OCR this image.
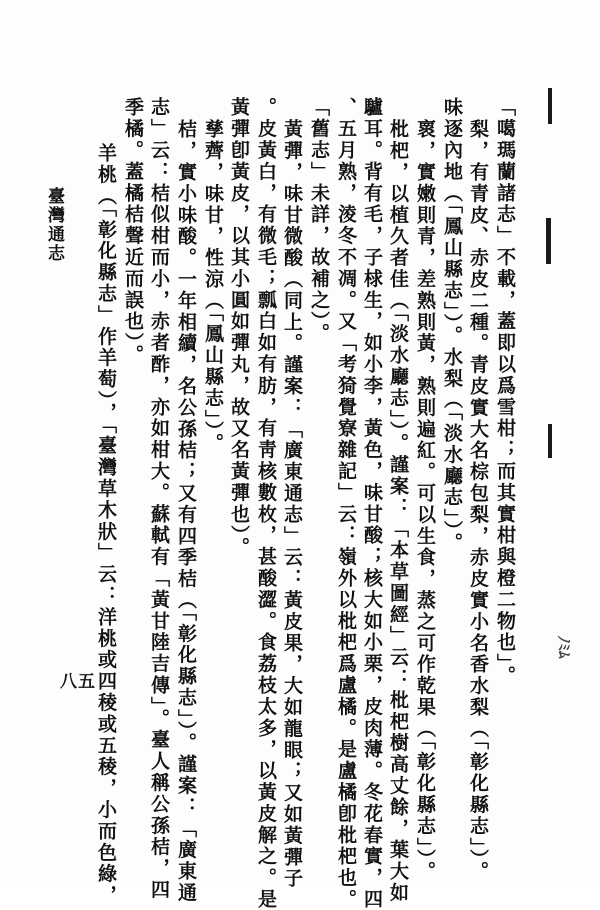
ﾉﾐﾑ
「噶瑪蘭諸志」不載，蓋即以爲雪柑；而其實柑與橙二物也」。
梨，有青皮、赤皮二種。青皮實大名棕包梨，赤皮實小名香水梨（「彰化縣志」）。
味逐內地（「鳳山縣志」）。水梨（「淡水廳志」）。
褱，實嫩則青，差熟則黃，熟則遍紅。可以生食，蒸之可作乾果（「彰化縣志」）。
枇杷，以植久者佳（「淡水廳志」）。謹案：「本草圖經」云：枇杷樹高丈餘，葉大如
驢耳。背有毛，子梂生，如小李，黃色，味甘酸；核大如小栗，皮肉薄。冬花春實，四
、五月熟，淩冬不凋。又「考猗覺寮雜記」云：嶺外以枇杷爲盧橘。是盧橘卽枇杷也。
「舊志」未詳，故補之）。
黃彈，味甘微酸（同上。謹案：「廣東通志」云：黃皮果，大如龍眼；又如黃彈子
。皮黃白，有微毛；瓢白如有肪，有靑核數枚，甚酸澀。食荔枝太多，以黃皮解之。是
黃彈卽黃皮，以其小圓如彈丸，故又名黃彈也）。
孳薺，味甘，性涼（「鳳山縣志」）。
桔，實小味酸。一年相續，名公孫桔；又有四季桔（「彰化縣志」）。謹案：「廣東通
志」云：桔似柑而小，赤者酢，亦如柑大。蘇軾有「黃甘陸吉傳」。臺人稱公孫桔，四
季橘。蓋橘桔聲近而誤也）。
羊桃（「彰化縣志」作羊萄），「臺灣草木狀」云：洋桃或四稜或五稜，小而色綠，
臺灣通志
八五
